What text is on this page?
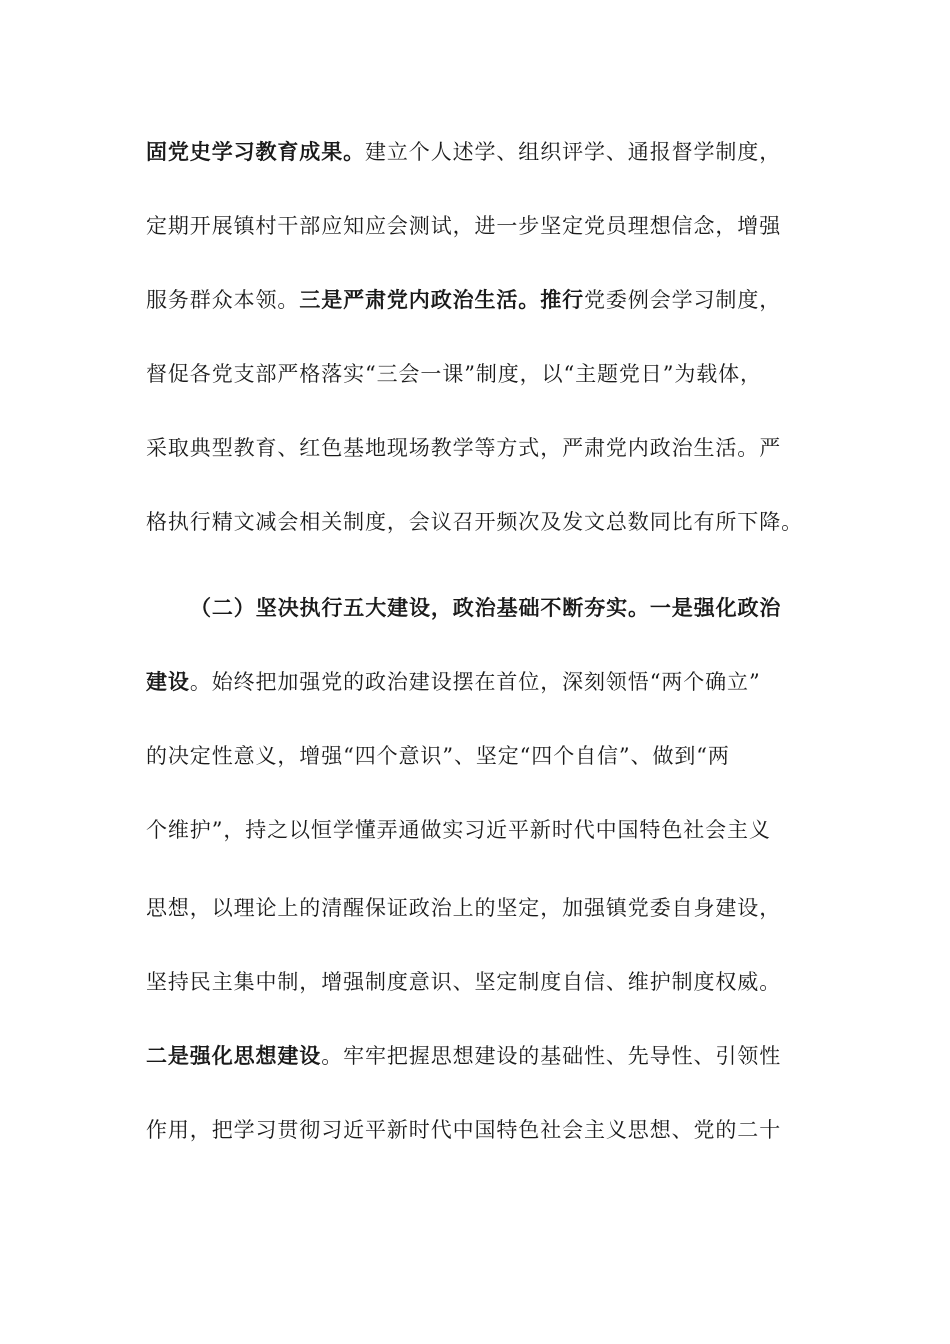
固党史学习教育成果。建立个人述学、组织评学、通报督学制度，
定期开展镇村干部应知应会测试，进一步坚定党员理想信念，增强
服务群众本领。三是严肃党内政治生活。推行党委例会学习制度，
督促各党支部严格落实“三会一课”制度，以“主题党日”为载体，
采取典型教育、红色基地现场教学等方式，严肃党内政治生活。严
格执行精文减会相关制度，会议召开频次及发文总数同比有所下降。
（二）坚决执行五大建设，政治基础不断夯实。一是强化政治
建设。始终把加强党的政治建设摆在首位，深刻领悟“两个确立”
的决定性意义，增强“四个意识”、坚定“四个自信”、做到“两
个维护”，持之以恒学懂弄通做实习近平新时代中国特色社会主义
思想，以理论上的清醒保证政治上的坚定，加强镇党委自身建设，
坚持民主集中制，增强制度意识、坚定制度自信、维护制度权威。
二是强化思想建设。牢牢把握思想建设的基础性、先导性、引领性
作用，把学习贯彻习近平新时代中国特色社会主义思想、党的二十
